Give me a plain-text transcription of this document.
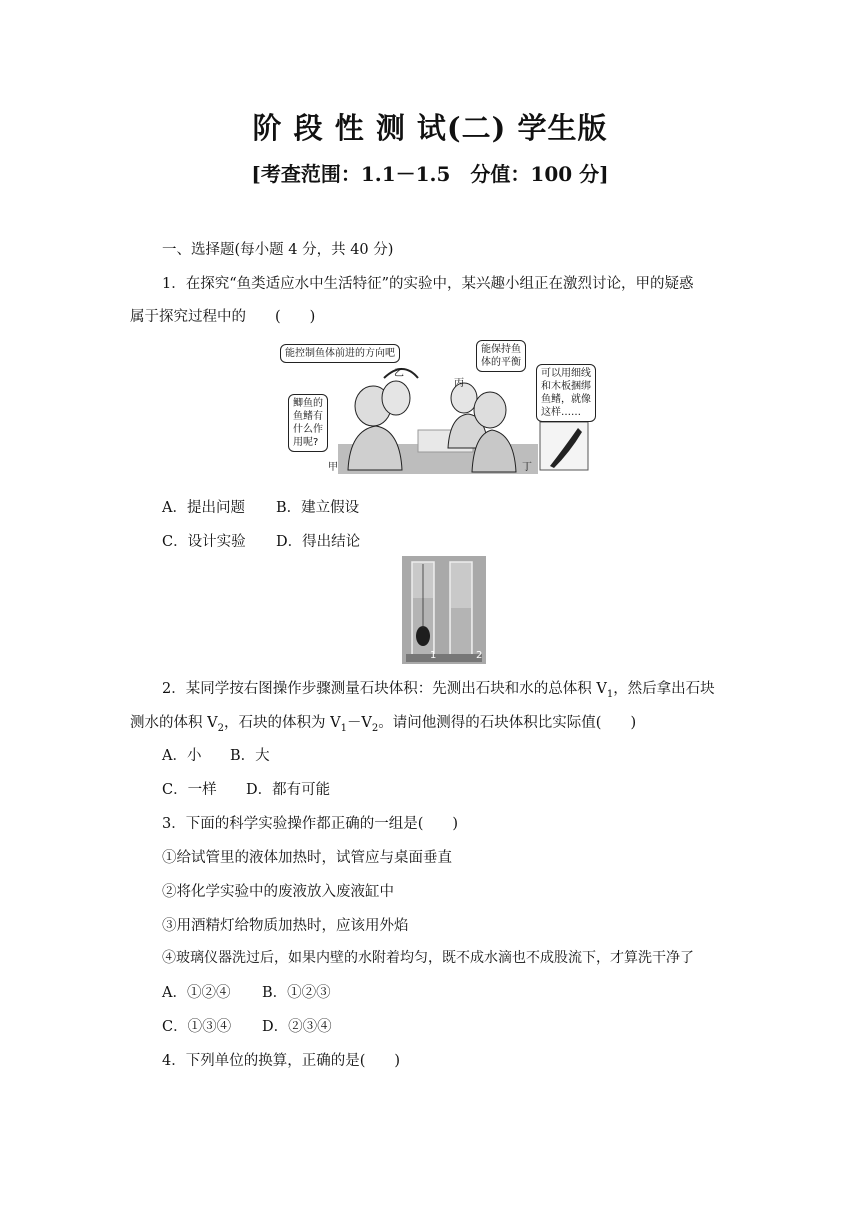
阶 段 性 测 试(二) 学生版
[考查范围：1.1－1.5　分值：100 分]
一、选择题(每小题 4 分，共 40 分)
1．在探究“鱼类适应水中生活特征”的实验中，某兴趣小组正在激烈讨论，甲的疑惑
属于探究过程中的　　(　　)
能控制鱼体前进的方向吧
乙
能保持鱼
体的平衡
丙
鲫鱼的
鱼鳍有
什么作
用呢?
甲
可以用细线
和木板捆绑
鱼鳍，就像
这样……
丁
A．提出问题 B．建立假设
C．设计实验 D．得出结论
1	2
2．某同学按右图操作步骤测量石块体积：先测出石块和水的总体积 $V_1$，然后拿出石块
测水的体积 $V_2$，石块的体积为 $V_1-V_2$。请问他测得的石块体积比实际值(　　)
A．小 B．大
C．一样 D．都有可能
3．下面的科学实验操作都正确的一组是(　　)
①给试管里的液体加热时，试管应与桌面垂直
②将化学实验中的废液放入废液缸中
③用酒精灯给物质加热时，应该用外焰
④玻璃仪器洗过后，如果内壁的水附着均匀，既不成水滴也不成股流下，才算洗干净了
A．①②④ B．①②③
C．①③④ D．②③④
4．下列单位的换算，正确的是(　　)
